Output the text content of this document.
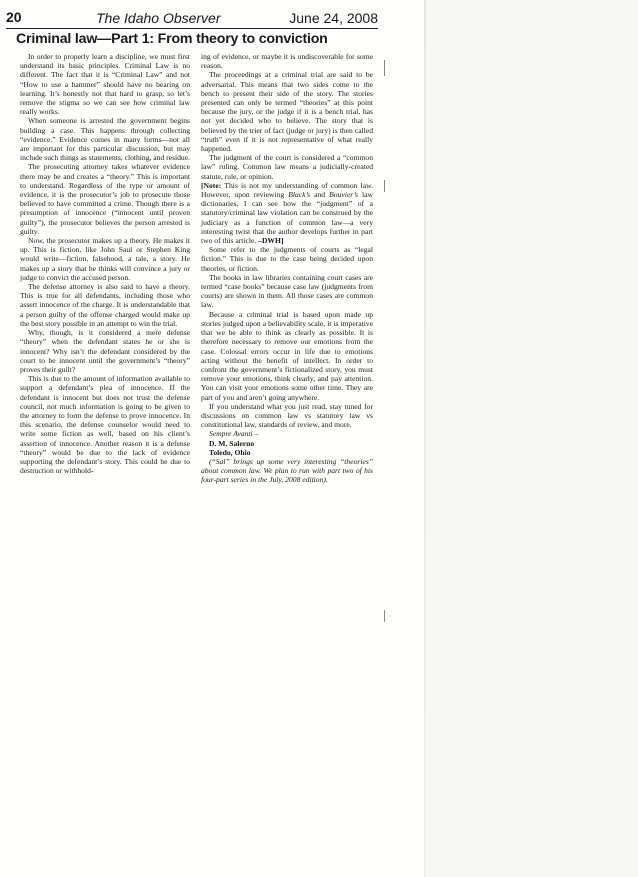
20	The Idaho Observer	June 24, 2008
Criminal law—Part 1: From theory to conviction

In order to properly learn a discipline, we must first understand its basic principles. Criminal Law is no different. The fact that it is “Criminal Law” and not “How to use a hammer” should have no bearing on learning. It’s honestly not that hard to grasp, so let’s remove the stigma so we can see how criminal law really works.

When someone is arrested the government begins building a case. This happens through collecting “evidence.” Evidence comes in many forms—not all are important for this particular discussion, but may include such things as statements, clothing, and residue.

The prosecuting attorney takes whatever evidence there may be and creates a “theory.” This is important to understand. Regardless of the type or amount of evidence, it is the prosecutor’s job to prosecute those believed to have committed a crime. Though there is a presumption of innocence (“innocent until proven guilty”), the prosecutor believes the person arrested is guilty.

Now, the prosecutor makes up a theory. He makes it up. This is fiction, like John Saul or Stephen King would write—fiction, falsehood, a tale, a story. He makes up a story that he thinks will convince a jury or judge to convict the accused person.

The defense attorney is also said to have a theory. This is true for all defendants, including those who assert innocence of the charge. It is understandable that a person guilty of the offense charged would make up the best story possible in an attempt to win the trial.

Why, though, is it considered a mere defense “theory” when the defendant states he or she is innocent? Why isn’t the defendant considered by the court to be innocent until the government’s “theory” proves their guilt?

This is due to the amount of information available to support a defendant’s plea of innocence. If the defendant is innocent but does not trust the defense council, not much information is going to be given to the attorney to form the defense to prove innocence. In this scenario, the defense counselor would need to write some fiction as well, based on his client’s assertion of innocence. Another reason it is a defense “theory” would be due to the lack of evidence supporting the defendant’s story. This could be due to destruction or withhold-

ing of evidence, or maybe it is undiscoverable for some reason.

The proceedings at a criminal trial are said to be adversarial. This means that two sides come to the bench to present their side of the story. The stories presented can only be termed “theories” at this point because the jury, or the judge if it is a bench trial, has not yet decided who to believe. The story that is believed by the trier of fact (judge or jury) is then called “truth” even if it is not representative of what really happened.

The judgment of the court is considered a “common law” ruling. Common law means a judicially-created statute, rule, or opinion.

[Note: This is not my understanding of common law. However, upon reviewing Black’s and Bouvier’s law dictionaries, I can see how the “judgment” of a statutory/criminal law violation can be construed by the judiciary as a function of common law—a very interesting twist that the author develops further in part two of this article. –DWH]

Some refer to the judgments of courts as “legal fiction.” This is due to the case being decided upon theories, or fiction.

The books in law libraries containing court cases are termed “case books” because case law (judgments from courts) are shown in them. All those cases are common law.

Because a criminal trial is based upon made up stories judged upon a believability scale, it is imperative that we be able to think as clearly as possible. It is therefore necessary to remove our emotions from the case. Colossal errors occur in life due to emotions acting without the benefit of intellect. In order to confront the government’s fictionalized story, you must remove your emotions, think clearly, and pay attention. You can visit your emotions some other time. They are part of you and aren’t going anywhere.

If you understand what you just read, stay tuned for discussions on common law vs statutory law vs constitutional law, standards of review, and more.

Sempre Avanti –
D. M. Salerno
Toledo, Ohio

(“Sal” brings up some very interesting “theories” about common law. We plan to run with part two of his four-part series in the July, 2008 edition).
